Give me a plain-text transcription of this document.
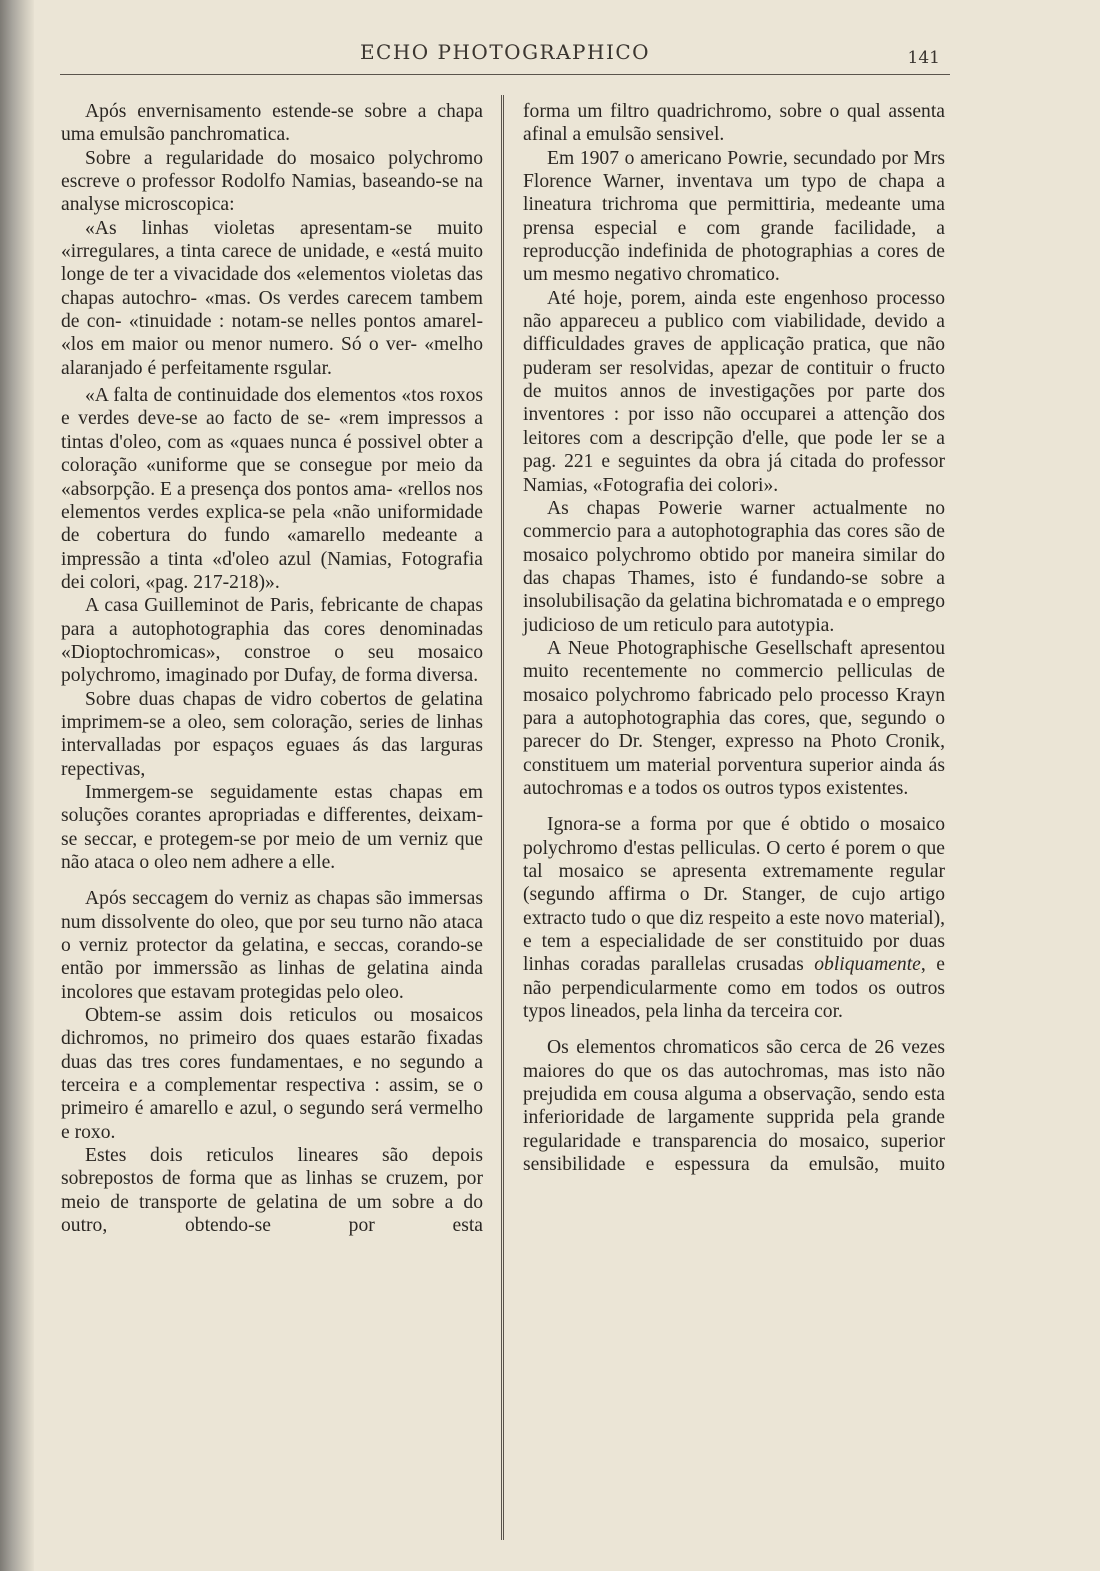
ECHO PHOTOGRAPHICO	141

Após envernisamento estende-se sobre a chapa uma emulsão panchromatica.

Sobre a regularidade do mosaico polychromo escreve o professor Rodolfo Namias, baseando-se na analyse microscopica:

«As linhas violetas apresentam-se muito «irregulares, a tinta carece de unidade, e «está muito longe de ter a vivacidade dos «elementos violetas das chapas autochro- «mas. Os verdes carecem tambem de con- «tinuidade : notam-se nelles pontos amarel- «los em maior ou menor numero. Só o ver- «melho alaranjado é perfeitamente rsgular.

«A falta de continuidade dos elementos «tos roxos e verdes deve-se ao facto de se- «rem impressos a tintas d'oleo, com as «quaes nunca é possivel obter a coloração «uniforme que se consegue por meio da «absorpção. E a presença dos pontos ama- «rellos nos elementos verdes explica-se pela «não uniformidade de cobertura do fundo «amarello medeante a impressão a tinta «d'oleo azul (Namias, Fotografia dei colori, «pag. 217-218)».

A casa Guilleminot de Paris, febricante de chapas para a autophotographia das cores denominadas «Dioptochromicas», constroe o seu mosaico polychromo, imaginado por Dufay, de forma diversa.

Sobre duas chapas de vidro cobertos de gelatina imprimem-se a oleo, sem coloração, series de linhas intervalladas por espaços eguaes ás das larguras repectivas,

Immergem-se seguidamente estas chapas em soluções corantes apropriadas e differentes, deixam-se seccar, e protegem-se por meio de um verniz que não ataca o oleo nem adhere a elle.

Após seccagem do verniz as chapas são immersas num dissolvente do oleo, que por seu turno não ataca o verniz protector da gelatina, e seccas, corando-se então por immerssão as linhas de gelatina ainda incolores que estavam protegidas pelo oleo.

Obtem-se assim dois reticulos ou mosaicos dichromos, no primeiro dos quaes estarão fixadas duas das tres cores fundamentaes, e no segundo a terceira e a complementar respectiva : assim, se o primeiro é amarello e azul, o segundo será vermelho e roxo.

Estes dois reticulos lineares são depois sobrepostos de forma que as linhas se cruzem, por meio de transporte de gelatina de um sobre a do outro, obtendo-se por esta

forma um filtro quadrichromo, sobre o qual assenta afinal a emulsão sensivel.

Em 1907 o americano Powrie, secundado por Mrs Florence Warner, inventava um typo de chapa a lineatura trichroma que permittiria, medeante uma prensa especial e com grande facilidade, a reproducção indefinida de photographias a cores de um mesmo negativo chromatico.

Até hoje, porem, ainda este engenhoso processo não appareceu a publico com viabilidade, devido a difficuldades graves de applicação pratica, que não puderam ser resolvidas, apezar de contituir o fructo de muitos annos de investigações por parte dos inventores : por isso não occuparei a attenção dos leitores com a descripção d'elle, que pode ler se a pag. 221 e seguintes da obra já citada do professor Namias, «Fotografia dei colori».

As chapas Powerie warner actualmente no commercio para a autophotographia das cores são de mosaico polychromo obtido por maneira similar do das chapas Thames, isto é fundando-se sobre a insolubilisação da gelatina bichromatada e o emprego judicioso de um reticulo para autotypia.

A Neue Photographische Gesellschaft apresentou muito recentemente no commercio pelliculas de mosaico polychromo fabricado pelo processo Krayn para a autophotographia das cores, que, segundo o parecer do Dr. Stenger, expresso na Photo Cronik, constituem um material porventura superior ainda ás autochromas e a todos os outros typos existentes.

Ignora-se a forma por que é obtido o mosaico polychromo d'estas pelliculas. O certo é porem o que tal mosaico se apresenta extremamente regular (segundo affirma o Dr. Stanger, de cujo artigo extracto tudo o que diz respeito a este novo material), e tem a especialidade de ser constituido por duas linhas coradas parallelas crusadas obliquamente, e não perpendicularmente como em todos os outros typos lineados, pela linha da terceira cor.

Os elementos chromaticos são cerca de 26 vezes maiores do que os das autochromas, mas isto não prejudida em cousa alguma a observação, sendo esta inferioridade de largamente supprida pela grande regularidade e transparencia do mosaico, superior sensibilidade e espessura da emulsão, muito
